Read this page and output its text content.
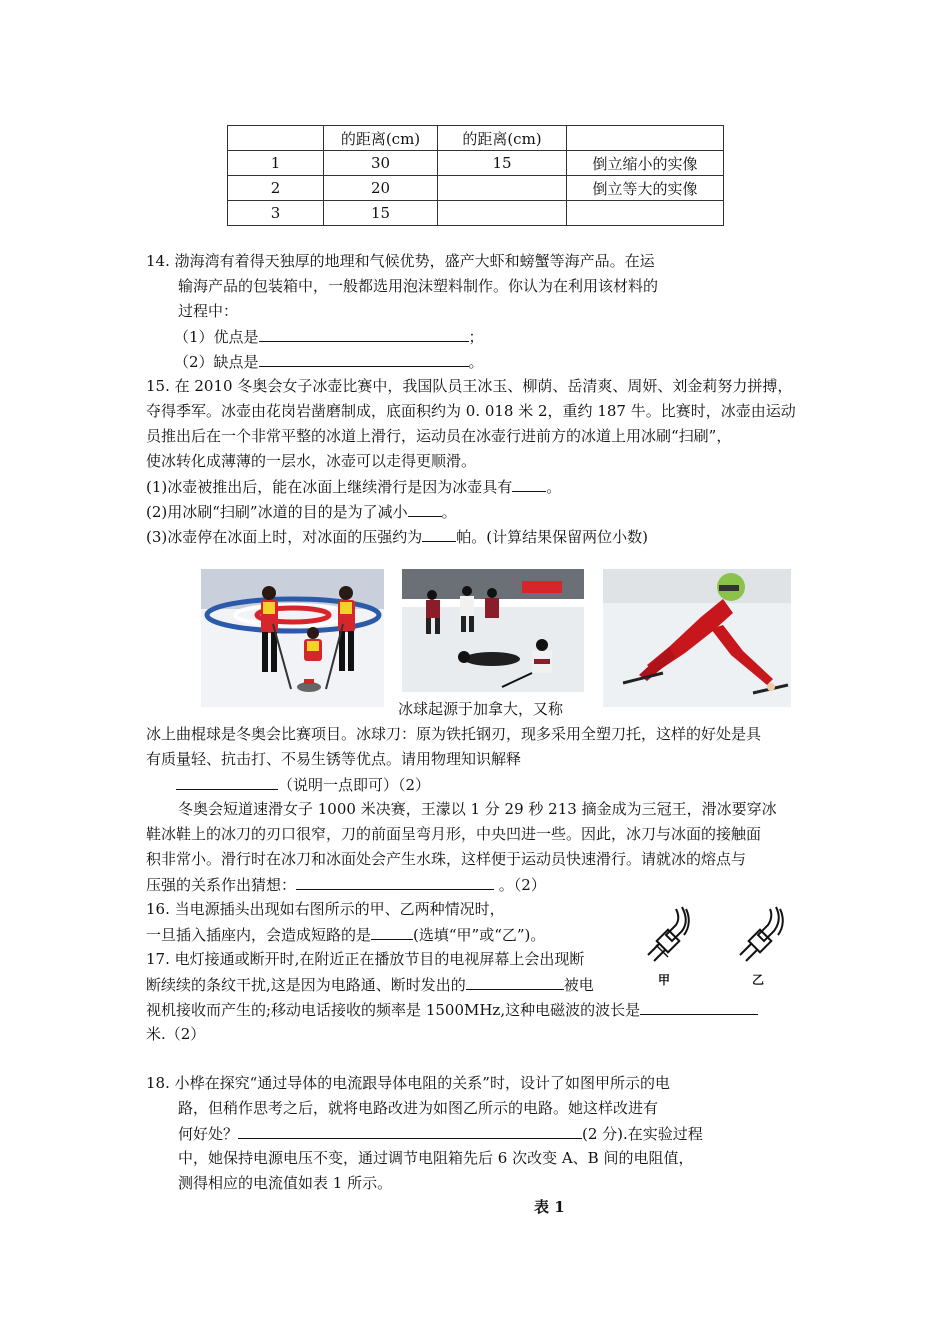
	的距离(cm)	的距离(cm)	
1	30	15	倒立缩小的实像
2	20		倒立等大的实像
3	15		
14. 渤海湾有着得天独厚的地理和气候优势，盛产大虾和螃蟹等海产品。在运
输海产品的包装箱中，一般都选用泡沫塑料制作。你认为在利用该材料的
过程中：
（1）优点是	；
（2）缺点是	。
15. 在 2010 冬奥会女子冰壶比赛中，我国队员王冰玉、柳荫、岳清爽、周妍、刘金莉努力拼搏，
夺得季军。冰壶由花岗岩凿磨制成，底面积约为 0. 018 米 2，重约 187 牛。比赛时，冰壶由运动
员推出后在一个非常平整的冰道上滑行，运动员在冰壶行进前方的冰道上用冰刷“扫刷”，
使冰转化成薄薄的一层水，冰壶可以走得更顺滑。
(1)冰壶被推出后，能在冰面上继续滑行是因为冰壶具有 。
(2)用冰刷“扫刷”冰道的目的是为了减小 。
(3)冰壶停在冰面上时，对冰面的压强约为 帕。(计算结果保留两位小数)
冰球起源于加拿大，又称
冰上曲棍球是冬奥会比赛项目。冰球刀：原为铁托钢刃，现多采用全塑刀托，这样的好处是具
有质量轻、抗击打、不易生锈等优点。请用物理知识解释
（说明一点即可）（2）
冬奥会短道速滑女子 1000 米决赛，王濛以 1 分 29 秒 213 摘金成为三冠王，滑冰要穿冰
鞋冰鞋上的冰刀的刃口很窄，刀的前面呈弯月形，中央凹进一些。因此，冰刀与冰面的接触面
积非常小。滑行时在冰刀和冰面处会产生水珠，这样便于运动员快速滑行。请就冰的熔点与
压强的关系作出猜想：	。（2）
16. 当电源插头出现如右图所示的甲、乙两种情况时，
一旦插入插座内，会造成短路的是	(选填“甲”或“乙”)。
甲	乙
17. 电灯接通或断开时,在附近正在播放节目的电视屏幕上会出现断
断续续的条纹干扰,这是因为电路通、断时发出的	被电
视机接收而产生的;移动电话接收的频率是 1500MHz,这种电磁波的波长是
米.（2）
18. 小桦在探究“通过导体的电流跟导体电阻的关系”时，设计了如图甲所示的电
路，但稍作思考之后，就将电路改进为如图乙所示的电路。她这样改进有
何好处？	(2 分).在实验过程
中，她保持电源电压不变，通过调节电阻箱先后 6 次改变 A、B 间的电阻值，
测得相应的电流值如表 1 所示。
表 1
